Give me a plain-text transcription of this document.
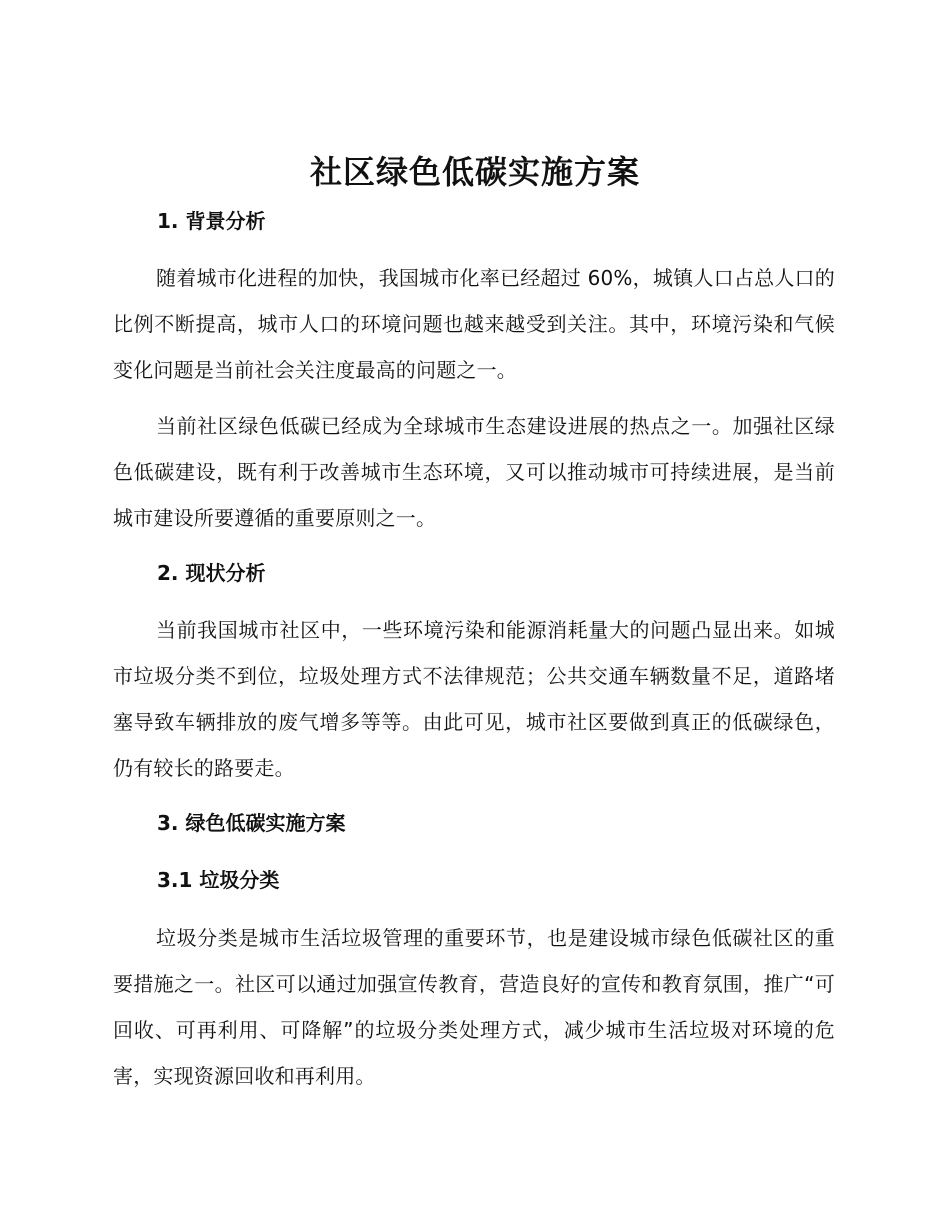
社区绿色低碳实施方案
1. 背景分析

随着城市化进程的加快，我国城市化率已经超过 60%，城镇人口占总人口的比例不断提高，城市人口的环境问题也越来越受到关注。其中，环境污染和气候变化问题是当前社会关注度最高的问题之一。

当前社区绿色低碳已经成为全球城市生态建设进展的热点之一。加强社区绿色低碳建设，既有利于改善城市生态环境，又可以推动城市可持续进展，是当前城市建设所要遵循的重要原则之一。

2. 现状分析

当前我国城市社区中，一些环境污染和能源消耗量大的问题凸显出来。如城市垃圾分类不到位，垃圾处理方式不法律规范；公共交通车辆数量不足，道路堵塞导致车辆排放的废气增多等等。由此可见，城市社区要做到真正的低碳绿色，仍有较长的路要走。

3. 绿色低碳实施方案
3.1 垃圾分类

垃圾分类是城市生活垃圾管理的重要环节，也是建设城市绿色低碳社区的重要措施之一。社区可以通过加强宣传教育，营造良好的宣传和教育氛围，推广“可回收、可再利用、可降解”的垃圾分类处理方式，减少城市生活垃圾对环境的危害，实现资源回收和再利用。
